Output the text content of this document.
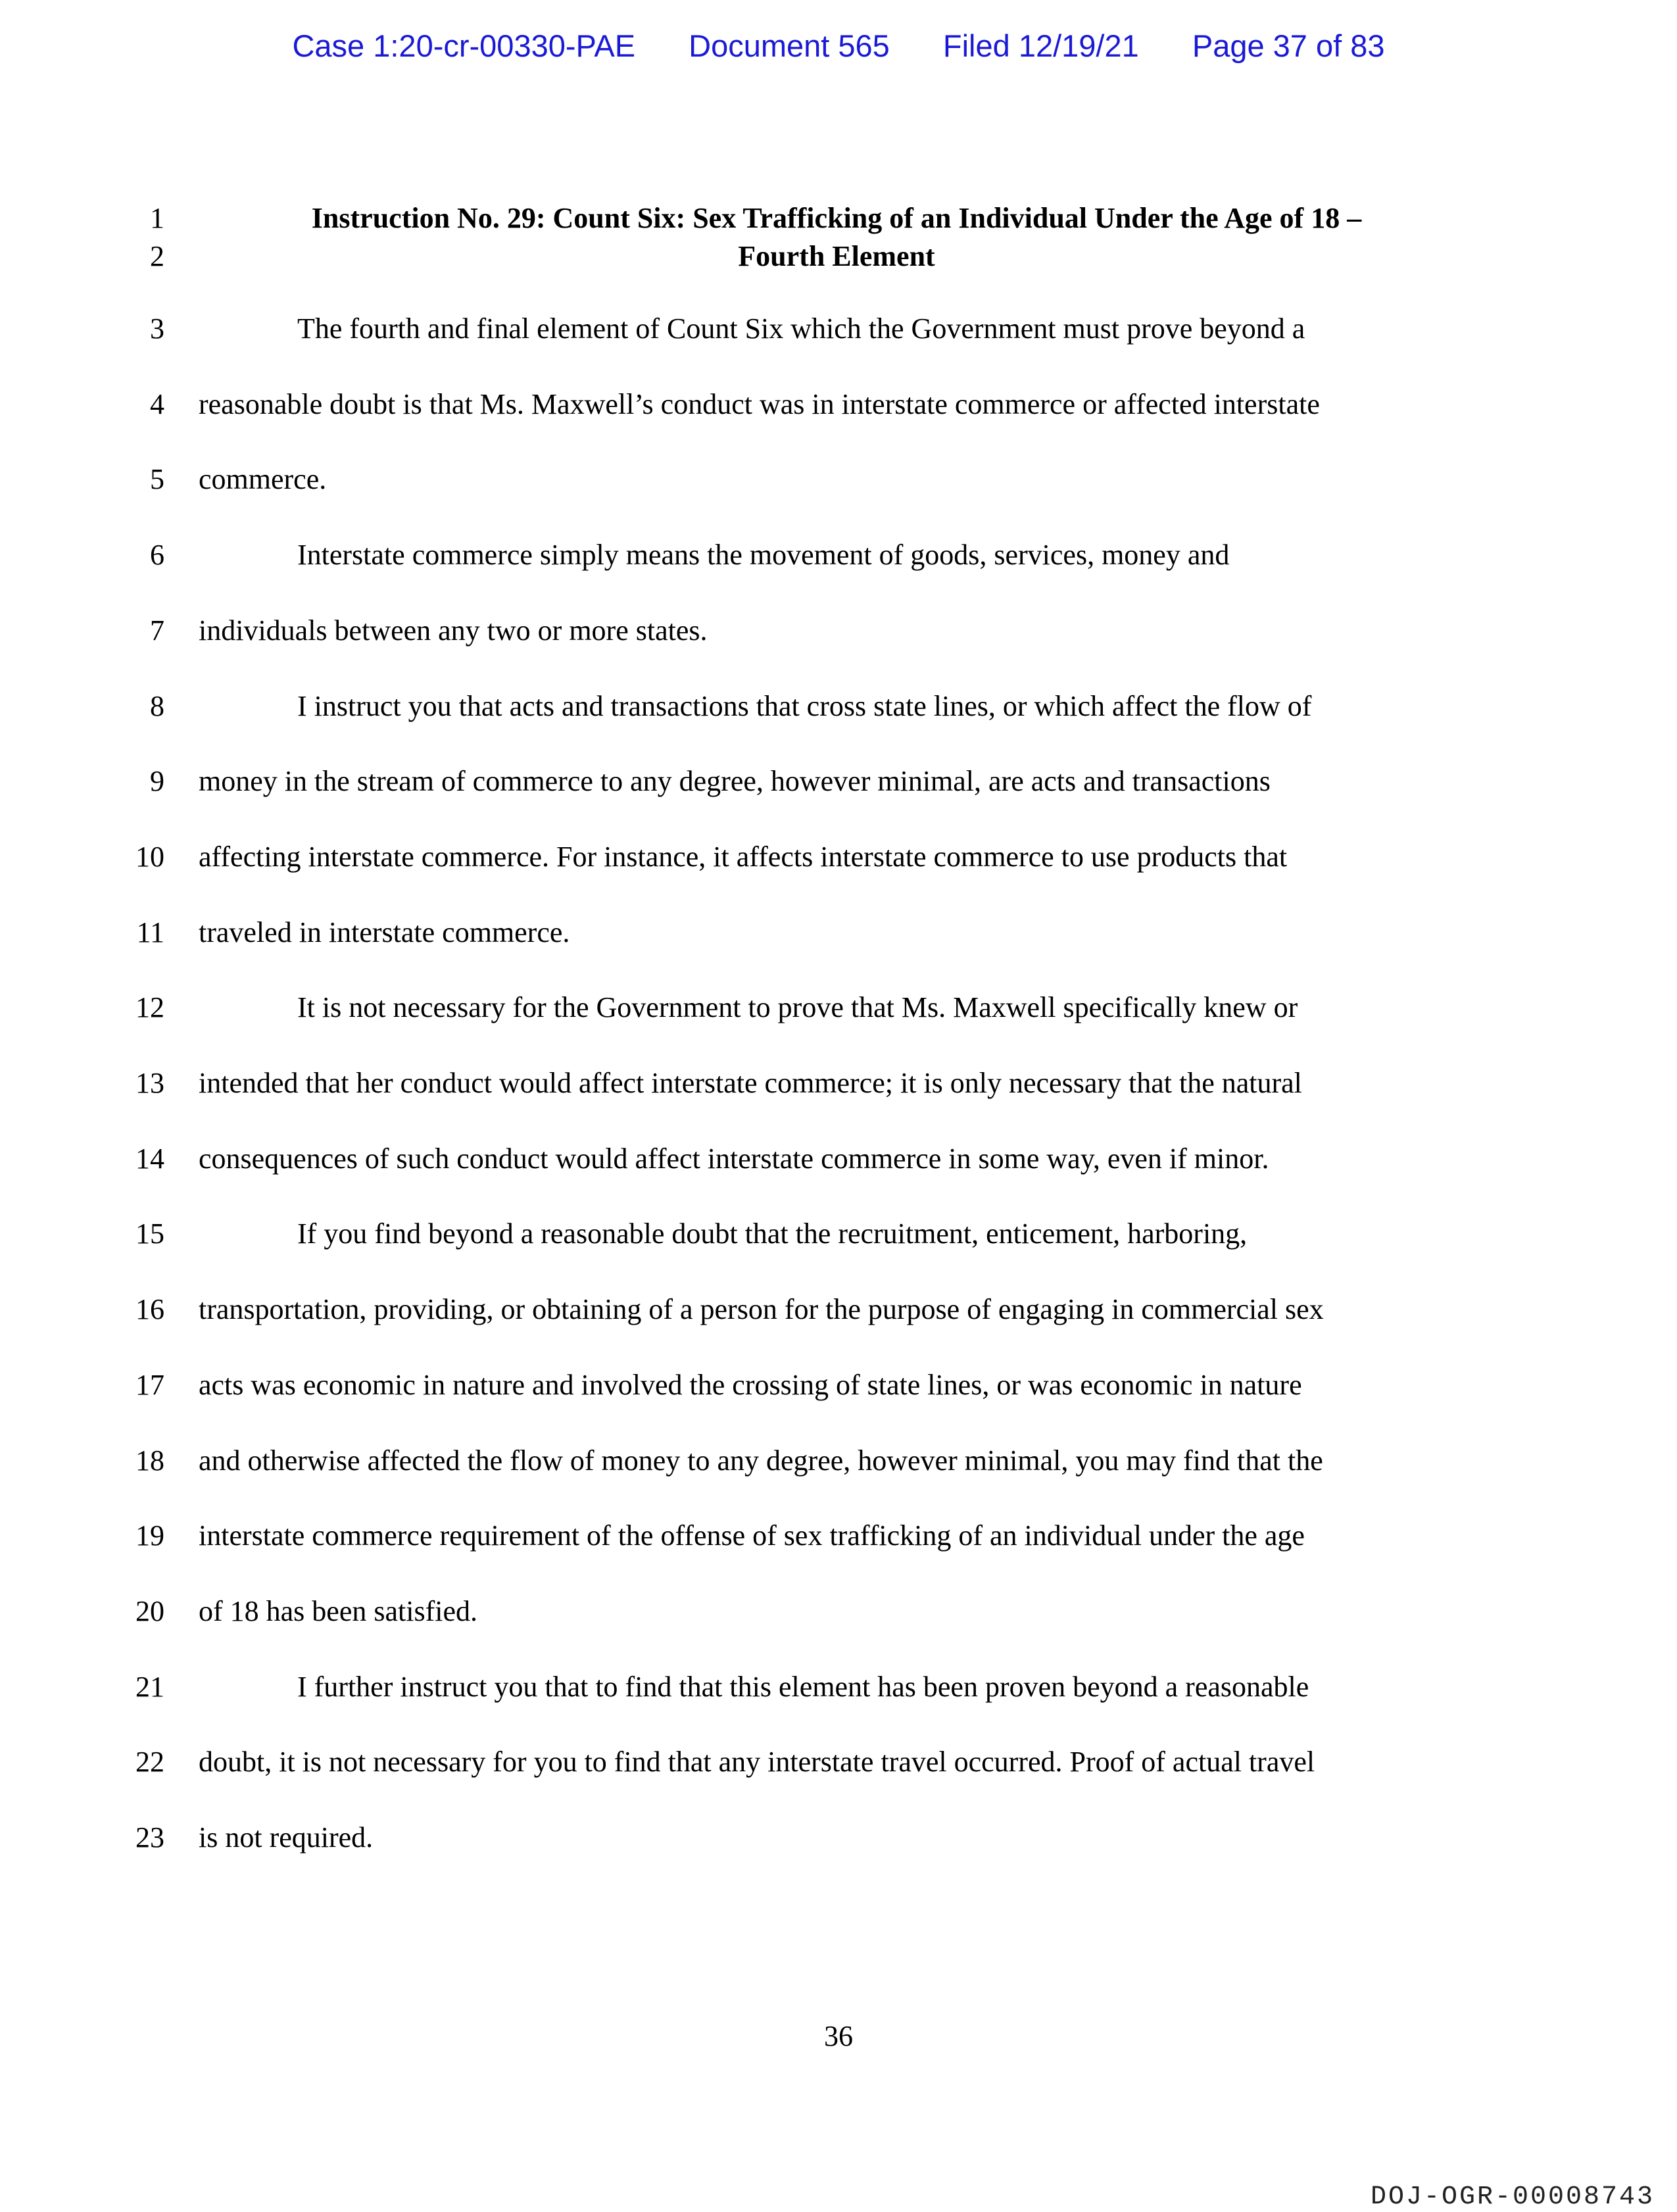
Case 1:20-cr-00330-PAE Document 565 Filed 12/19/21 Page 37 of 83
1	Instruction No. 29: Count Six: Sex Trafficking of an Individual Under the Age of 18 –
2	Fourth Element
3	The fourth and final element of Count Six which the Government must prove beyond a
4 reasonable doubt is that Ms. Maxwell’s conduct was in interstate commerce or affected interstate
5 commerce.
6	Interstate commerce simply means the movement of goods, services, money and
7 individuals between any two or more states.
8	I instruct you that acts and transactions that cross state lines, or which affect the flow of
9 money in the stream of commerce to any degree, however minimal, are acts and transactions
10 affecting interstate commerce. For instance, it affects interstate commerce to use products that
11 traveled in interstate commerce.
12	It is not necessary for the Government to prove that Ms. Maxwell specifically knew or
13 intended that her conduct would affect interstate commerce; it is only necessary that the natural
14 consequences of such conduct would affect interstate commerce in some way, even if minor.
15	If you find beyond a reasonable doubt that the recruitment, enticement, harboring,
16 transportation, providing, or obtaining of a person for the purpose of engaging in commercial sex
17 acts was economic in nature and involved the crossing of state lines, or was economic in nature
18 and otherwise affected the flow of money to any degree, however minimal, you may find that the
19 interstate commerce requirement of the offense of sex trafficking of an individual under the age
20 of 18 has been satisfied.
21	I further instruct you that to find that this element has been proven beyond a reasonable
22 doubt, it is not necessary for you to find that any interstate travel occurred. Proof of actual travel
23 is not required.
36
DOJ-OGR-00008743
